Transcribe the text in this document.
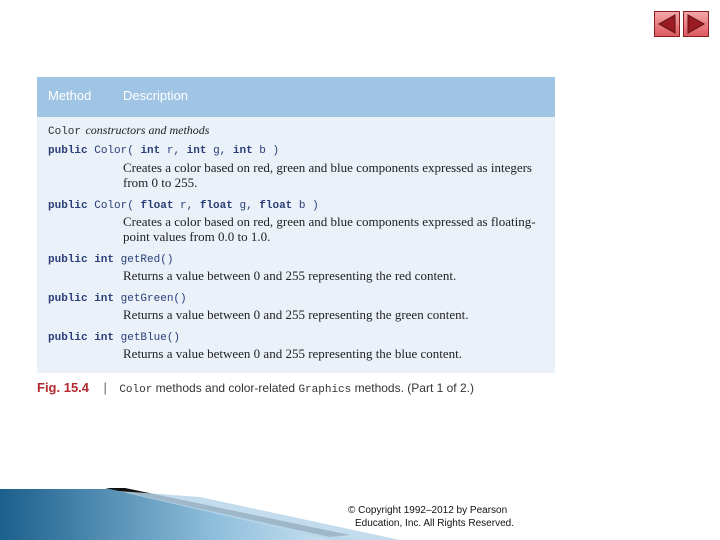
Method Description
Color constructors and methods
public Color( int r, int g, int b )
Creates a color based on red, green and blue components expressed as integers from 0 to 255.
public Color( float r, float g, float b )
Creates a color based on red, green and blue components expressed as floating-point values from 0.0 to 1.0.
public int getRed()
Returns a value between 0 and 255 representing the red content.
public int getGreen()
Returns a value between 0 and 255 representing the green content.
public int getBlue()
Returns a value between 0 and 255 representing the blue content.
Fig. 15.4 | Color methods and color-related Graphics methods. (Part 1 of 2.)
© Copyright 1992–2012 by Pearson
Education, Inc. All Rights Reserved.
